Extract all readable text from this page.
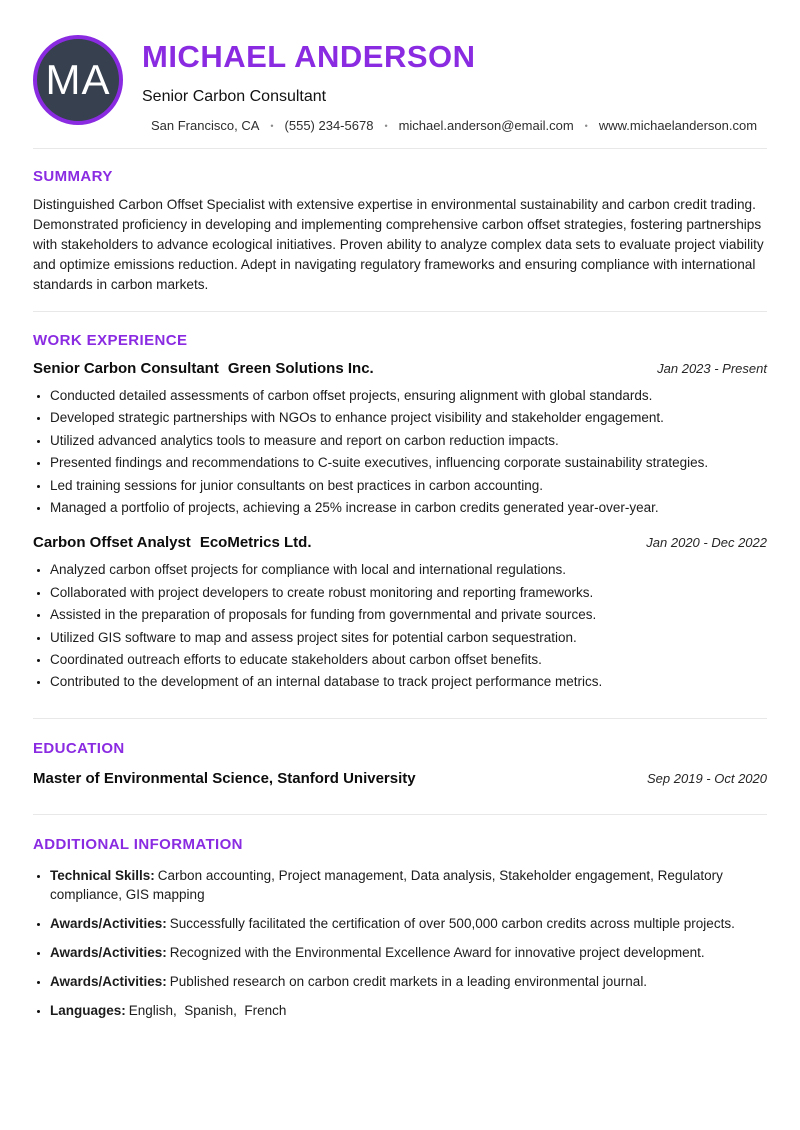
MA MICHAEL ANDERSON
Senior Carbon Consultant
San Francisco, CA • (555) 234-5678 • michael.anderson@email.com • www.michaelanderson.com
SUMMARY

Distinguished Carbon Offset Specialist with extensive expertise in environmental sustainability and carbon credit trading. Demonstrated proficiency in developing and implementing comprehensive carbon offset strategies, fostering partnerships with stakeholders to advance ecological initiatives. Proven ability to analyze complex data sets to evaluate project viability and optimize emissions reduction. Adept in navigating regulatory frameworks and ensuring compliance with international standards in carbon markets.

WORK EXPERIENCE
Senior Carbon Consultant Green Solutions Inc.	Jan 2023 - Present
• Conducted detailed assessments of carbon offset projects, ensuring alignment with global standards.
• Developed strategic partnerships with NGOs to enhance project visibility and stakeholder engagement.
• Utilized advanced analytics tools to measure and report on carbon reduction impacts.
• Presented findings and recommendations to C-suite executives, influencing corporate sustainability strategies.
• Led training sessions for junior consultants on best practices in carbon accounting.
• Managed a portfolio of projects, achieving a 25% increase in carbon credits generated year-over-year.
Carbon Offset Analyst EcoMetrics Ltd.	Jan 2020 - Dec 2022
• Analyzed carbon offset projects for compliance with local and international regulations.
• Collaborated with project developers to create robust monitoring and reporting frameworks.
• Assisted in the preparation of proposals for funding from governmental and private sources.
• Utilized GIS software to map and assess project sites for potential carbon sequestration.
• Coordinated outreach efforts to educate stakeholders about carbon offset benefits.
• Contributed to the development of an internal database to track project performance metrics.
EDUCATION
Master of Environmental Science, Stanford University	Sep 2019 - Oct 2020
ADDITIONAL INFORMATION
• Technical Skills: Carbon accounting, Project management, Data analysis, Stakeholder engagement, Regulatory compliance, GIS mapping
• Awards/Activities: Successfully facilitated the certification of over 500,000 carbon credits across multiple projects.
• Awards/Activities: Recognized with the Environmental Excellence Award for innovative project development.
• Awards/Activities: Published research on carbon credit markets in a leading environmental journal.
• Languages: English,  Spanish,  French
